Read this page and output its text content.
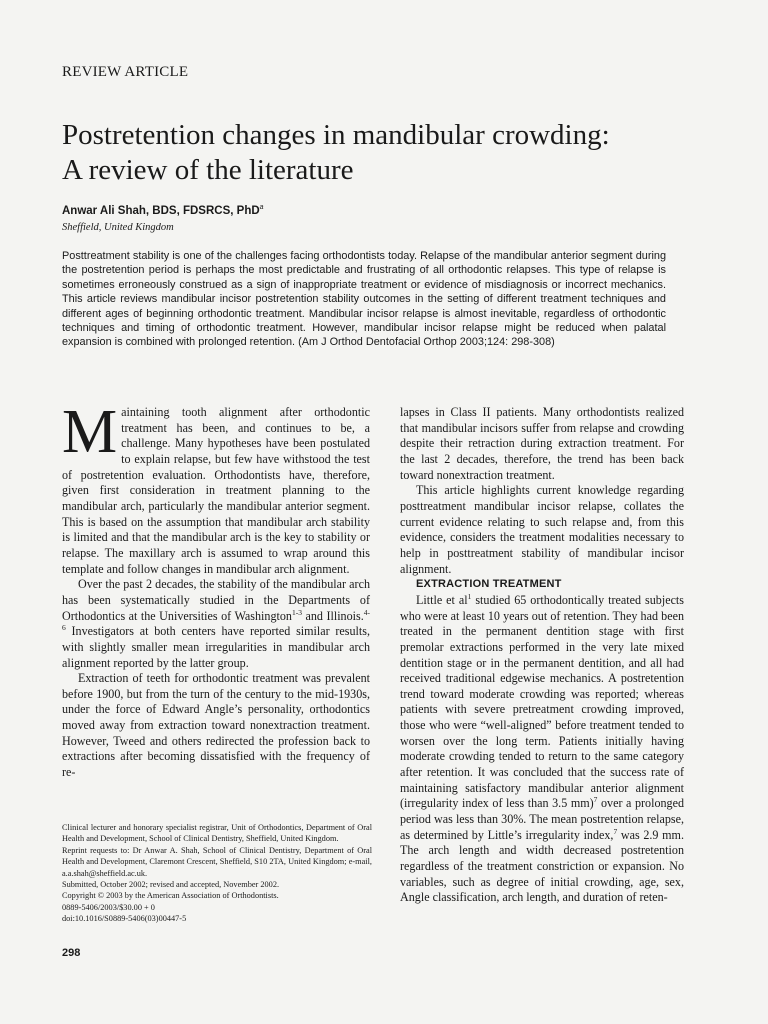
REVIEW ARTICLE
Postretention changes in mandibular crowding:
A review of the literature
Anwar Ali Shah, BDS, FDSRCS, PhD$^a$
Sheffield, United Kingdom

Posttreatment stability is one of the challenges facing orthodontists today. Relapse of the mandibular anterior segment during the postretention period is perhaps the most predictable and frustrating of all orthodontic relapses. This type of relapse is sometimes erroneously construed as a sign of inappropriate treatment or evidence of misdiagnosis or incorrect mechanics. This article reviews mandibular incisor postretention stability outcomes in the setting of different treatment techniques and different ages of beginning orthodontic treatment. Mandibular incisor relapse is almost inevitable, regardless of orthodontic techniques and timing of orthodontic treatment. However, mandibular incisor relapse might be reduced when palatal expansion is combined with prolonged retention. (Am J Orthod Dentofacial Orthop 2003;124: 298-308)

Maintaining tooth alignment after orthodontic treatment has been, and continues to be, a challenge. Many hypotheses have been postulated to explain relapse, but few have withstood the test of postretention evaluation. Orthodontists have, therefore, given first consideration in treatment planning to the mandibular arch, particularly the mandibular anterior segment. This is based on the assumption that mandibular arch stability is limited and that the mandibular arch is the key to stability or relapse. The maxillary arch is assumed to wrap around this template and follow changes in mandibular arch alignment.

Over the past 2 decades, the stability of the mandibular arch has been systematically studied in the Departments of Orthodontics at the Universities of Washington$^{1-3}$ and Illinois.$^{4-6}$ Investigators at both centers have reported similar results, with slightly smaller mean irregularities in mandibular arch alignment reported by the latter group.

Extraction of teeth for orthodontic treatment was prevalent before 1900, but from the turn of the century to the mid-1930s, under the force of Edward Angle’s personality, orthodontics moved away from extraction toward nonextraction treatment. However, Tweed and others redirected the profession back to extractions after becoming dissatisfied with the frequency of re-

lapses in Class II patients. Many orthodontists realized that mandibular incisors suffer from relapse and crowding despite their retraction during extraction treatment. For the last 2 decades, therefore, the trend has been back toward nonextraction treatment.

This article highlights current knowledge regarding posttreatment mandibular incisor relapse, collates the current evidence relating to such relapse and, from this evidence, considers the treatment modalities necessary to help in posttreatment stability of mandibular incisor alignment.

EXTRACTION TREATMENT

Little et $al^1$ studied 65 orthodontically treated subjects who were at least 10 years out of retention. They had been treated in the permanent dentition stage with first premolar extractions performed in the very late mixed dentition stage or in the permanent dentition, and all had received traditional edgewise mechanics. A postretention trend toward moderate crowding was reported; whereas patients with severe pretreatment crowding improved, those who were “well-aligned” before treatment tended to worsen over the long term. Patients initially having moderate crowding tended to return to the same category after retention. It was concluded that the success rate of maintaining satisfactory mandibular anterior alignment (irregularity index of less than 3.5 mm)$^7$ over a prolonged period was less than 30%. The mean postretention relapse, as determined by Little’s irregularity index,$^7$ was 2.9 mm. The arch length and width decreased postretention regardless of the treatment constriction or expansion. No variables, such as degree of initial crowding, age, sex, Angle classification, arch length, and duration of reten-

Clinical lecturer and honorary specialist registrar, Unit of Orthodontics, Department of Oral Health and Development, School of Clinical Dentistry, Sheffield, United Kingdom.
Reprint requests to: Dr Anwar A. Shah, School of Clinical Dentistry, Department of Oral Health and Development, Claremont Crescent, Sheffield, S10 2TA, United Kingdom; e-mail, a.a.shah@sheffield.ac.uk.
Submitted, October 2002; revised and accepted, November 2002.
Copyright © 2003 by the American Association of Orthodontists.
0889-5406/2003/$30.00 + 0
doi:10.1016/S0889-5406(03)00447-5
298
